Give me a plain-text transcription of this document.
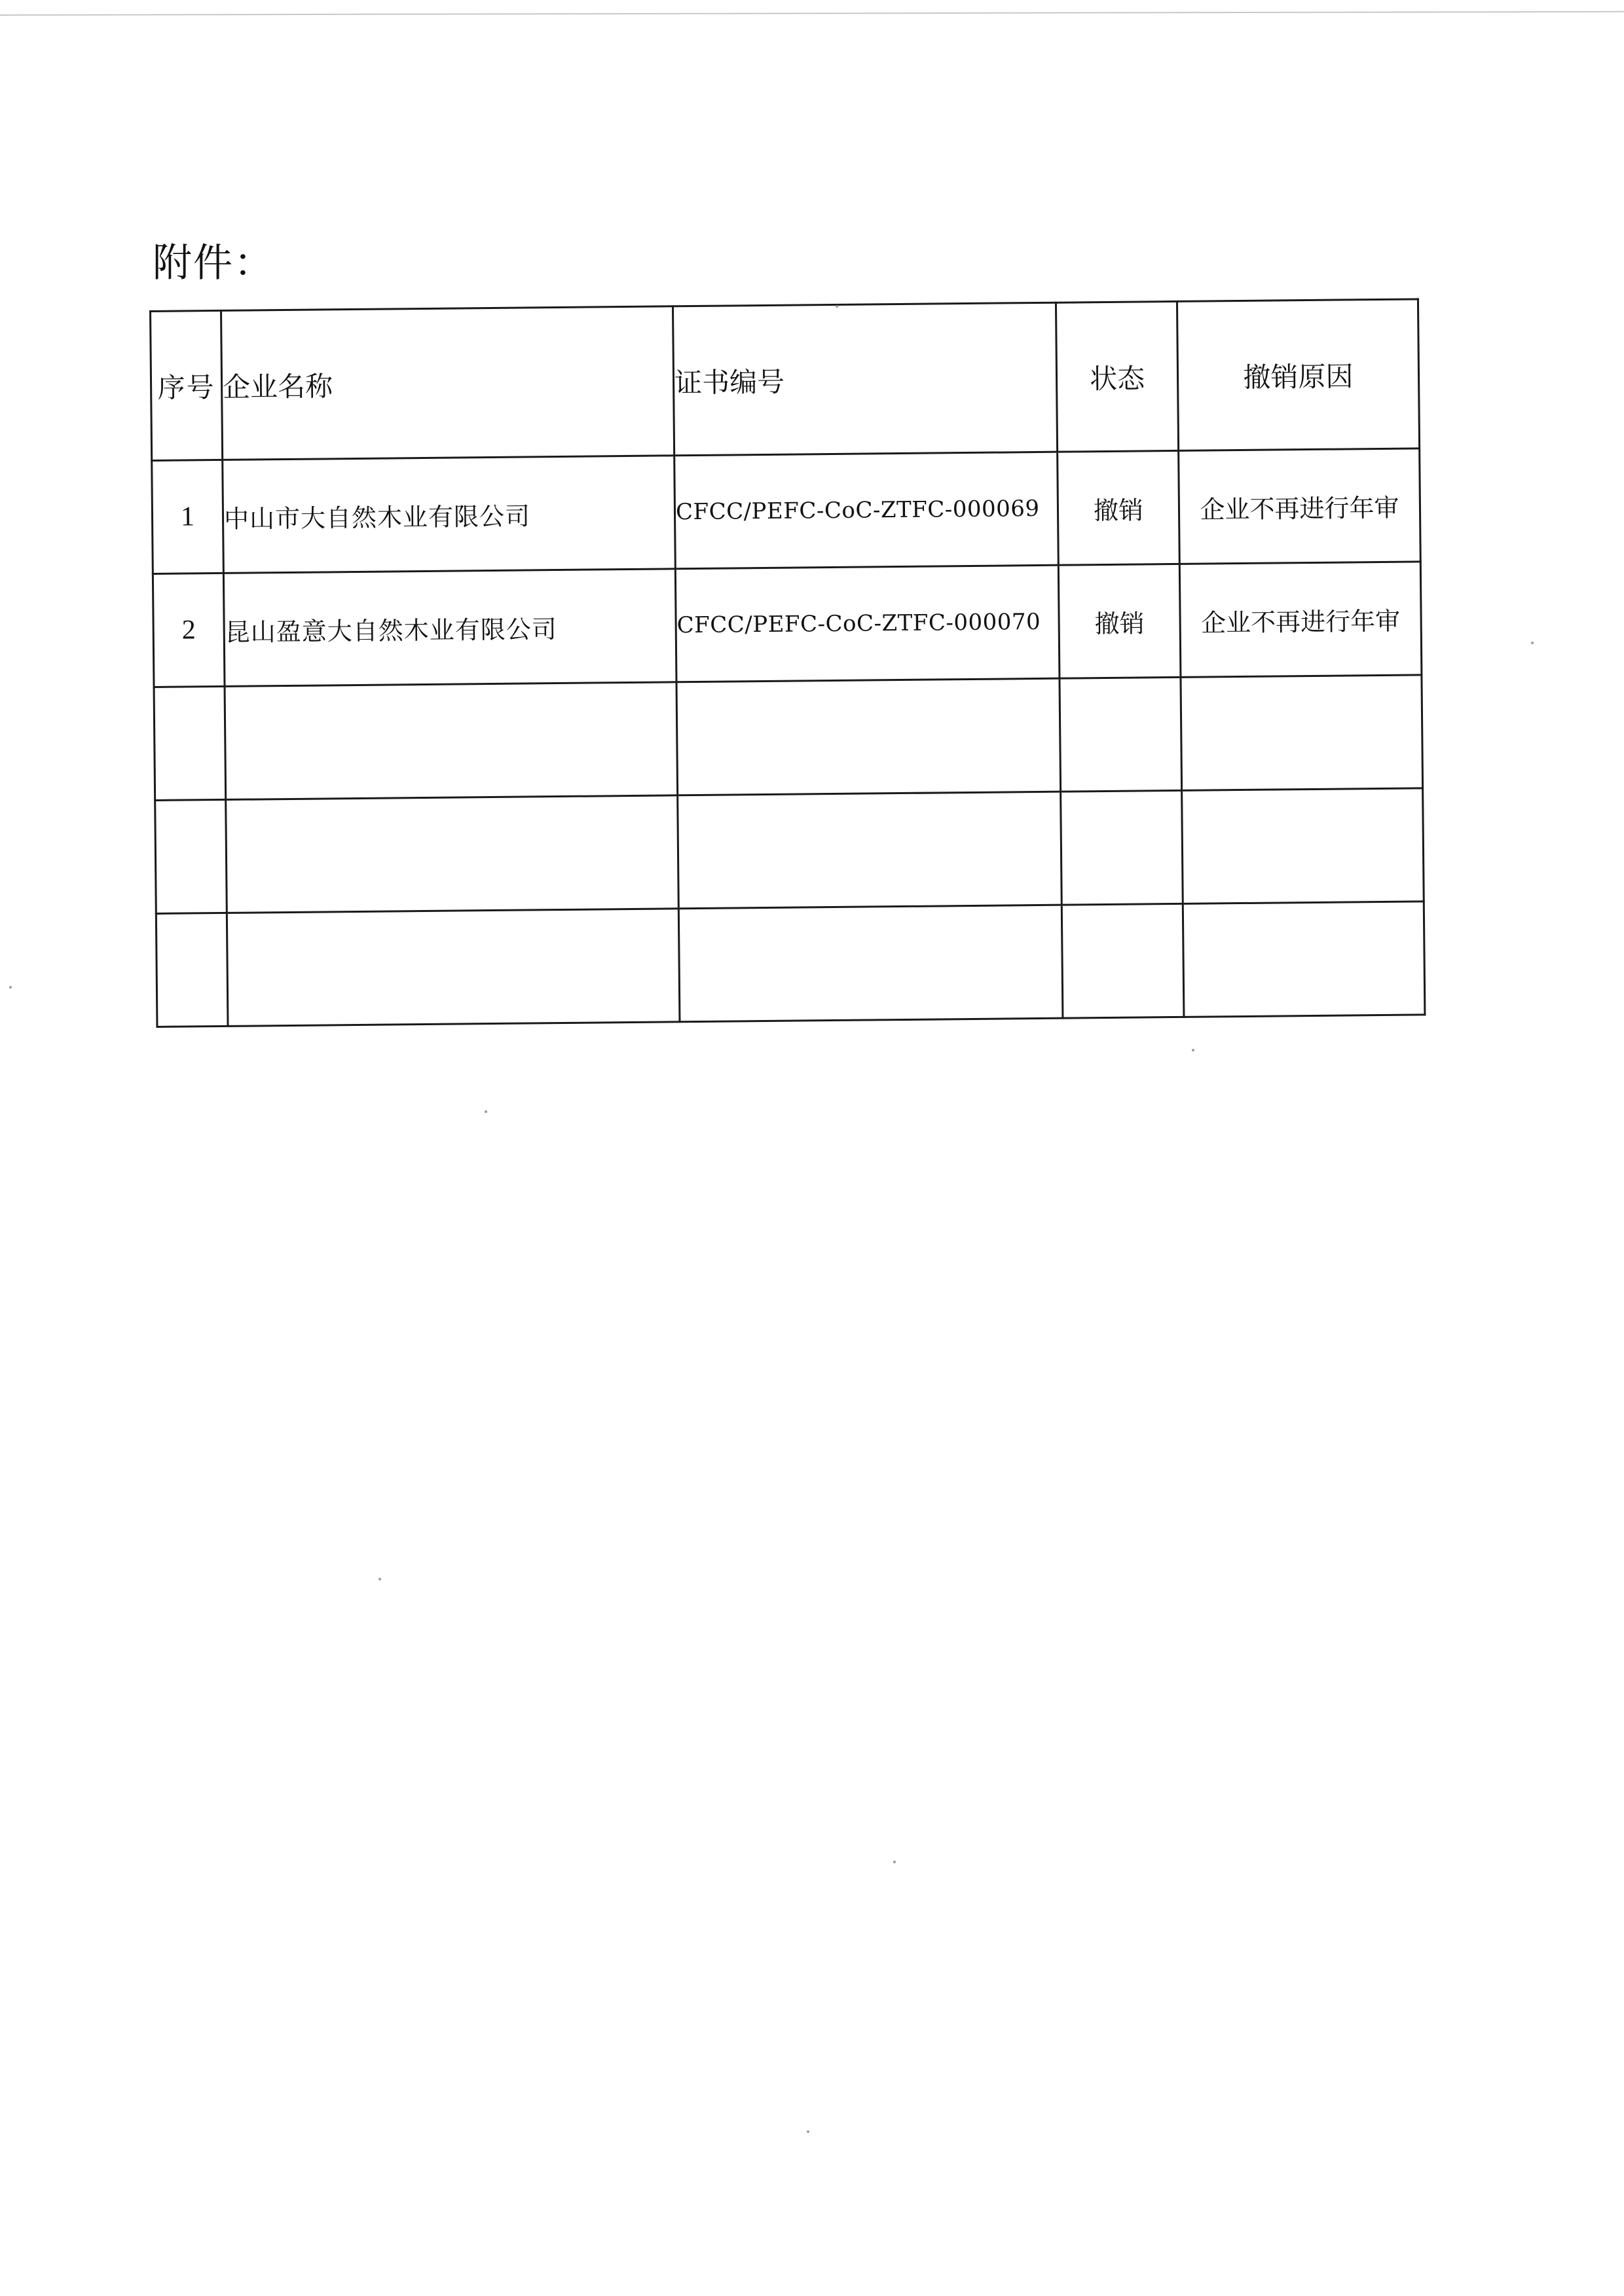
附件：
序号	企业名称	证书编号	状态	撤销原因
1	中山市大自然木业有限公司	CFCC/PEFC-CoC-ZTFC-000069	撤销	企业不再进行年审
2	昆山盈意大自然木业有限公司	CFCC/PEFC-CoC-ZTFC-000070	撤销	企业不再进行年审
